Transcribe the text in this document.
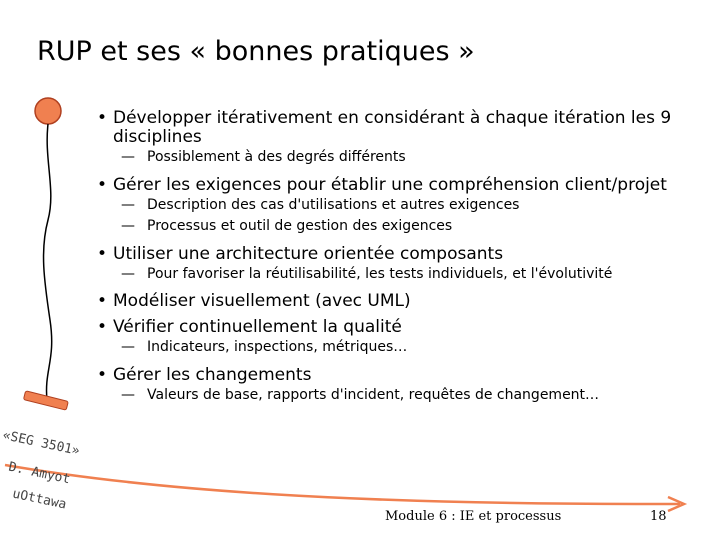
RUP et ses « bonnes pratiques »
• Développer itérativement en considérant à chaque itération les 9 disciplines
— Possiblement à des degrés différents
• Gérer les exigences pour établir une compréhension client/projet
— Description des cas d'utilisations et autres exigences
— Processus et outil de gestion des exigences
• Utiliser une architecture orientée composants
— Pour favoriser la réutilisabilité, les tests individuels, et l'évolutivité
• Modéliser visuellement (avec UML)
• Vérifier continuellement la qualité
— Indicateurs, inspections, métriques…
• Gérer les changements
— Valeurs de base, rapports d'incident, requêtes de changement…
«SEG 3501»
D. Amyot
uOttawa
Module 6 : IE et processus	18
